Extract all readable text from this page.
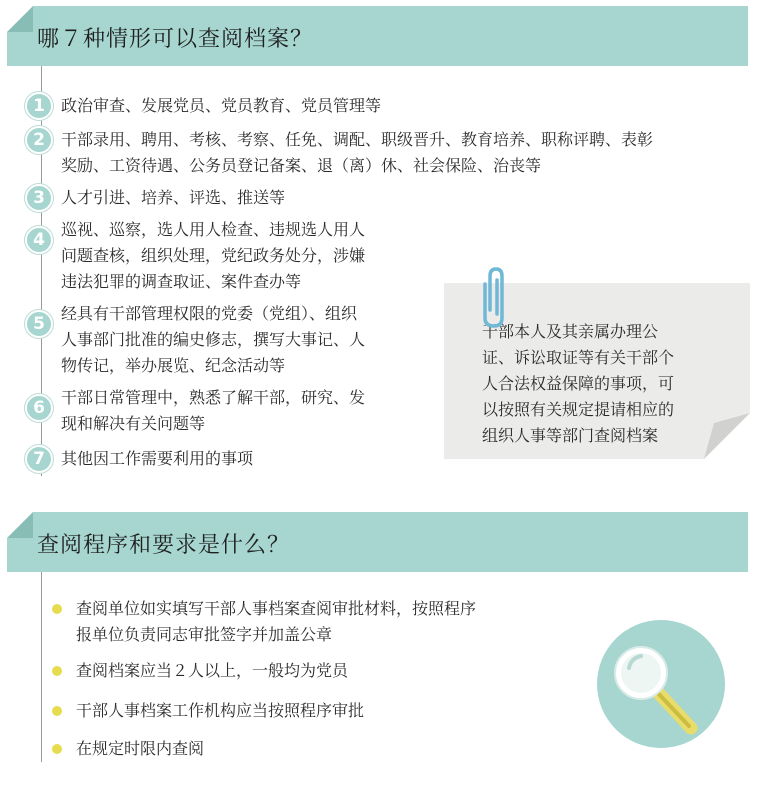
哪７种情形可以查阅档案？
1	政治审查、发展党员、党员教育、党员管理等
2	干部录用、聘用、考核、考察、任免、调配、职级晋升、教育培养、职称评聘、表彰
奖励、工资待遇、公务员登记备案、退（离）休、社会保险、治丧等
3	人才引进、培养、评选、推送等
4
巡视、巡察，选人用人检查、违规选人用人
问题查核，组织处理，党纪政务处分，涉嫌
违法犯罪的调查取证、案件查办等
5
经具有干部管理权限的党委（党组）、组织
人事部门批准的编史修志，撰写大事记、人
物传记，举办展览、纪念活动等
6
干部日常管理中，熟悉了解干部，研究、发
现和解决有关问题等
7	其他因工作需要利用的事项
干部本人及其亲属办理公
证、诉讼取证等有关干部个
人合法权益保障的事项，可
以按照有关规定提请相应的
组织人事等部门查阅档案
查阅程序和要求是什么？
查阅单位如实填写干部人事档案查阅审批材料，按照程序
报单位负责同志审批签字并加盖公章
查阅档案应当２人以上，一般均为党员
干部人事档案工作机构应当按照程序审批
在规定时限内查阅
